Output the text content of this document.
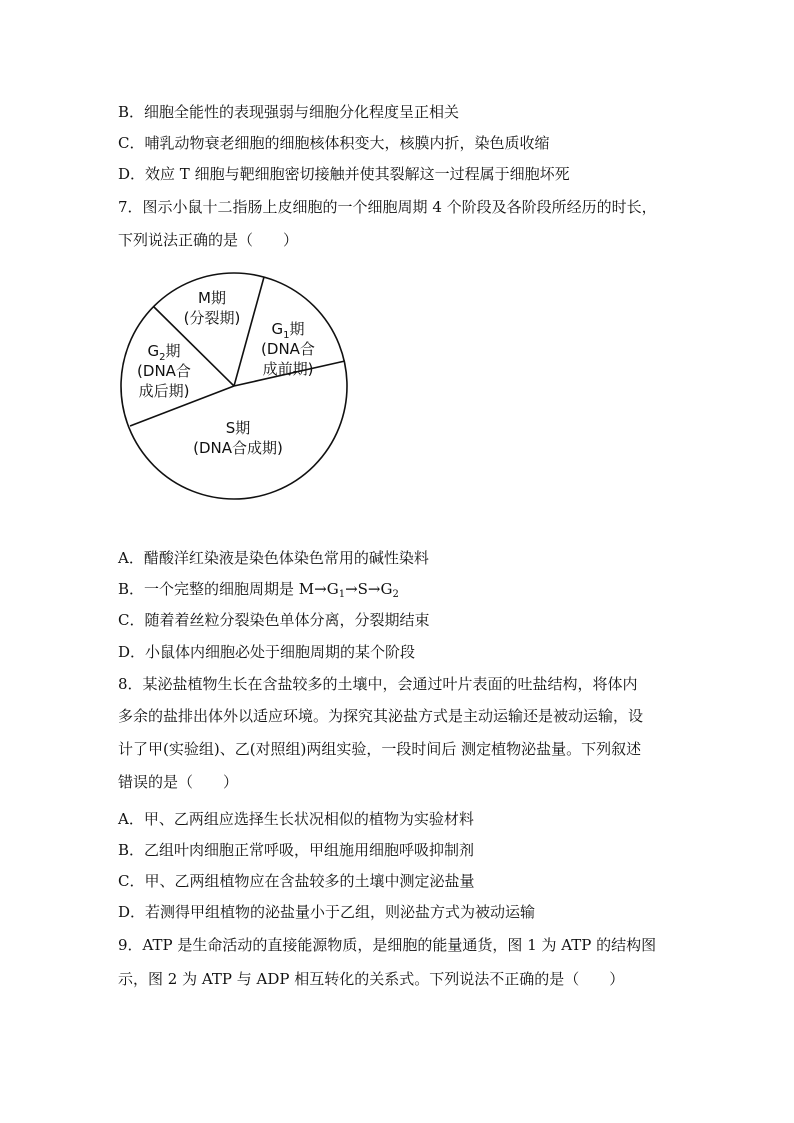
B．细胞全能性的表现强弱与细胞分化程度呈正相关
C．哺乳动物衰老细胞的细胞核体积变大，核膜内折，染色质收缩
D．效应 T 细胞与靶细胞密切接触并使其裂解这一过程属于细胞坏死
7．图示小鼠十二指肠上皮细胞的一个细胞周期 4 个阶段及各阶段所经历的时长，
下列说法正确的是（　　）
M期
(分裂期)
$G_1$期
(DNA合
成前期)
$G_2$期
(DNA合
成后期)
S期
(DNA合成期)
A．醋酸洋红染液是染色体染色常用的碱性染料
B．一个完整的细胞周期是 $M\to G_1\to S\to G_2$
C．随着着丝粒分裂染色单体分离，分裂期结束
D．小鼠体内细胞必处于细胞周期的某个阶段
8．某泌盐植物生长在含盐较多的土壤中，会通过叶片表面的吐盐结构，将体内
多余的盐排出体外以适应环境。为探究其泌盐方式是主动运输还是被动运输，设
计了甲(实验组)、乙(对照组)两组实验，一段时间后 测定植物泌盐量。下列叙述
错误的是（　　）
A．甲、乙两组应选择生长状况相似的植物为实验材料
B．乙组叶肉细胞正常呼吸，甲组施用细胞呼吸抑制剂
C．甲、乙两组植物应在含盐较多的土壤中测定泌盐量
D．若测得甲组植物的泌盐量小于乙组，则泌盐方式为被动运输
9．ATP 是生命活动的直接能源物质，是细胞的能量通货，图 1 为 ATP 的结构图
示，图 2 为 ATP 与 ADP 相互转化的关系式。下列说法不正确的是（　　）
